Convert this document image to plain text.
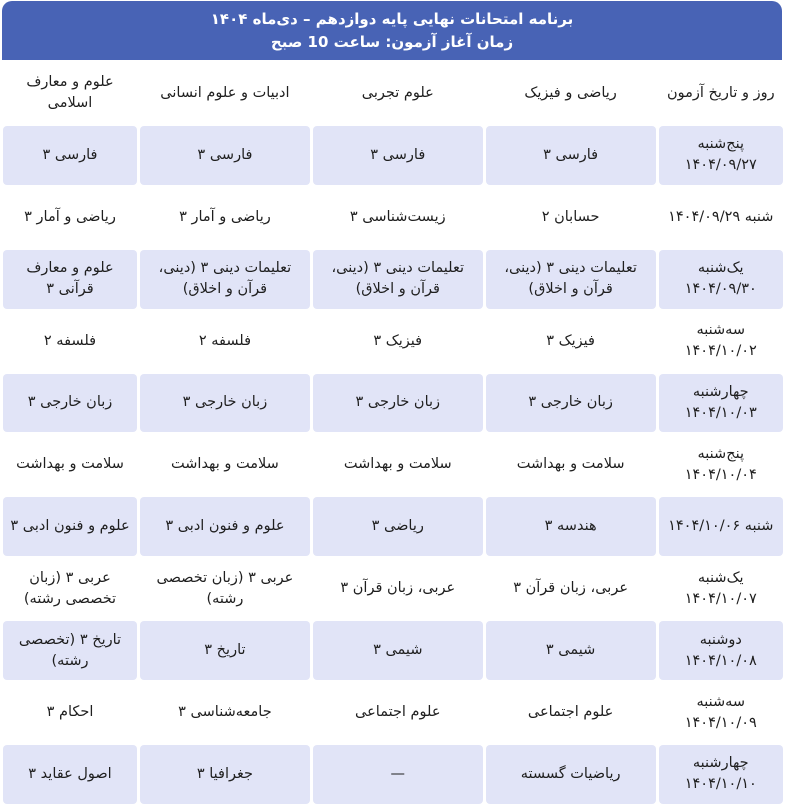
برنامه امتحانات نهایی پایه دوازدهم – دی‌ماه ۱۴۰۴
زمان آغاز آزمون: ساعت 10 صبح
روز و تاریخ آزمون	ریاضی و فیزیک	علوم تجربی	ادبیات و علوم انسانی	علوم و معارف اسلامی
پنج‌شنبه ۱۴۰۴/۰۹/۲۷	فارسی ۳	فارسی ۳	فارسی ۳	فارسی ۳
شنبه ۱۴۰۴/۰۹/۲۹	حسابان ۲	زیست‌شناسی ۳	ریاضی و آمار ۳	ریاضی و آمار ۳
یک‌شنبه ۱۴۰۴/۰۹/۳۰	تعلیمات دینی ۳ (دینی، قرآن و اخلاق)	تعلیمات دینی ۳ (دینی، قرآن و اخلاق)	تعلیمات دینی ۳ (دینی، قرآن و اخلاق)	علوم و معارف قرآنی ۳
سه‌شنبه ۱۴۰۴/۱۰/۰۲	فیزیک ۳	فیزیک ۳	فلسفه ۲	فلسفه ۲
چهارشنبه ۱۴۰۴/۱۰/۰۳	زبان خارجی ۳	زبان خارجی ۳	زبان خارجی ۳	زبان خارجی ۳
پنج‌شنبه ۱۴۰۴/۱۰/۰۴	سلامت و بهداشت	سلامت و بهداشت	سلامت و بهداشت	سلامت و بهداشت
شنبه ۱۴۰۴/۱۰/۰۶	هندسه ۳	ریاضی ۳	علوم و فنون ادبی ۳	علوم و فنون ادبی ۳
یک‌شنبه ۱۴۰۴/۱۰/۰۷	عربی، زبان قرآن ۳	عربی، زبان قرآن ۳	عربی ۳ (زبان تخصصی رشته)	عربی ۳ (زبان تخصصی رشته)
دوشنبه ۱۴۰۴/۱۰/۰۸	شیمی ۳	شیمی ۳	تاریخ ۳	تاریخ ۳ (تخصصی رشته)
سه‌شنبه ۱۴۰۴/۱۰/۰۹	علوم اجتماعی	علوم اجتماعی	جامعه‌شناسی ۳	احکام ۳
چهارشنبه ۱۴۰۴/۱۰/۱۰	ریاضیات گسسته	—	جغرافیا ۳	اصول عقاید ۳
